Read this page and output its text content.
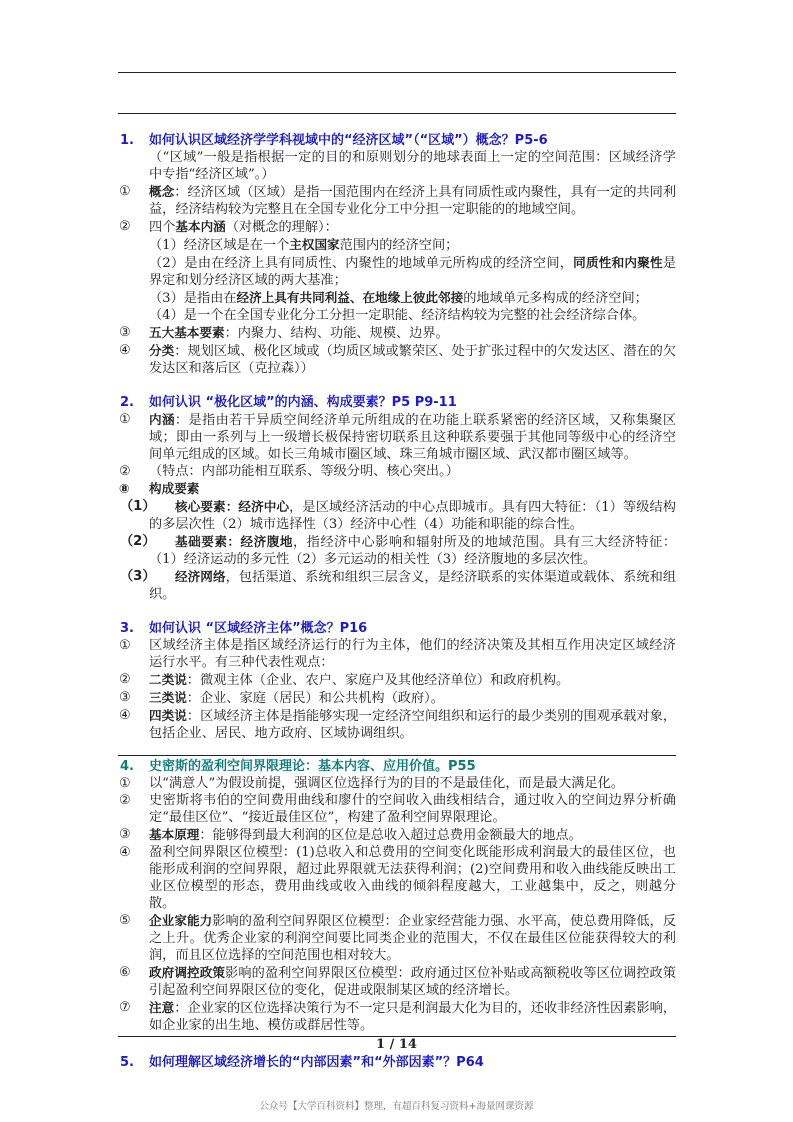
1. 如何认识区域经济学学科视域中的“经济区域”（“区域”）概念？P5-6
（“区域”一般是指根据一定的目的和原则划分的地球表面上一定的空间范围：区域经济学中专指“经济区域”。）
① 概念：经济区域（区域）是指一国范围内在经济上具有同质性或内聚性，具有一定的共同利益，经济结构较为完整且在全国专业化分工中分担一定职能的的地域空间。
② 四个基本内涵（对概念的理解）：
（1）经济区域是在一个主权国家范围内的经济空间；
（2）是由在经济上具有同质性、内聚性的地域单元所构成的经济空间，同质性和内聚性是界定和划分经济区域的两大基准；
（3）是指由在经济上具有共同利益、在地缘上彼此邻接的地域单元多构成的经济空间；
（4）是一个在全国专业化分工分担一定职能、经济结构较为完整的社会经济综合体。
③ 五大基本要素：内聚力、结构、功能、规模、边界。
④ 分类：规划区域、极化区域或（均质区域或繁荣区、处于扩张过程中的欠发达区、潜在的欠发达区和落后区（克拉森））
2. 如何认识 “极化区域”的内涵、构成要素？P5 P9-11
① 内涵：是指由若干异质空间经济单元所组成的在功能上联系紧密的经济区域，又称集聚区域；即由一系列与上一级增长极保持密切联系且这种联系要强于其他同等级中心的经济空间单元组成的区域。如长三角城市圈区域、珠三角城市圈区域、武汉都市圈区域等。
② （特点：内部功能相互联系、等级分明、核心突出。）
⑧ 构成要素
（1）	核心要素：经济中心，是区域经济活动的中心点即城市。具有四大特征：（1）等级结构的多层次性（2）城市选择性（3）经济中心性（4）功能和职能的综合性。
（2）	基础要素：经济腹地，指经济中心影响和辐射所及的地域范围。具有三大经济特征：（1）经济运动的多元性（2）多元运动的相关性（3）经济腹地的多层次性。
（3）	经济网络，包括渠道、系统和组织三层含义，是经济联系的实体渠道或载体、系统和组织。
3. 如何认识 “区域经济主体”概念？P16
① 区域经济主体是指区域经济运行的行为主体，他们的经济决策及其相互作用决定区域经济运行水平。有三种代表性观点：
② 二类说：微观主体（企业、农户、家庭户及其他经济单位）和政府机构。
③ 三类说：企业、家庭（居民）和公共机构（政府）。
④ 四类说：区域经济主体是指能够实现一定经济空间组织和运行的最少类别的围观承载对象，包括企业、居民、地方政府、区域协调组织。
4. 史密斯的盈利空间界限理论：基本内容、应用价值。P55
① 以“满意人”为假设前提，强调区位选择行为的目的不是最佳化，而是最大满足化。
② 史密斯将韦伯的空间费用曲线和廖什的空间收入曲线相结合，通过收入的空间边界分析确定“最佳区位”、“接近最佳区位”，构建了盈利空间界限理论。
③ 基本原理：能够得到最大利润的区位是总收入超过总费用金额最大的地点。
④ 盈利空间界限区位模型：(1)总收入和总费用的空间变化既能形成利润最大的最佳区位，也能形成利润的空间界限，超过此界限就无法获得利润；(2)空间费用和收入曲线能反映出工业区位模型的形态，费用曲线或收入曲线的倾斜程度越大，工业越集中，反之，则越分散。
⑤ 企业家能力影响的盈利空间界限区位模型：企业家经营能力强、水平高，使总费用降低，反之上升。优秀企业家的利润空间要比同类企业的范围大，不仅在最佳区位能获得较大的利润，而且区位选择的空间范围也相对较大。
⑥ 政府调控政策影响的盈利空间界限区位模型：政府通过区位补贴或高额税收等区位调控政策引起盈利空间界限区位的变化，促进或限制某区域的经济增长。
⑦ 注意：企业家的区位选择决策行为不一定只是利润最大化为目的，还收非经济性因素影响，如企业家的出生地、模仿或群居性等。
5. 如何理解区域经济增长的“内部因素”和“外部因素”？P64
1 / 14
公众号【大学百科资料】整理，有超百科复习资料+海量网课资源
